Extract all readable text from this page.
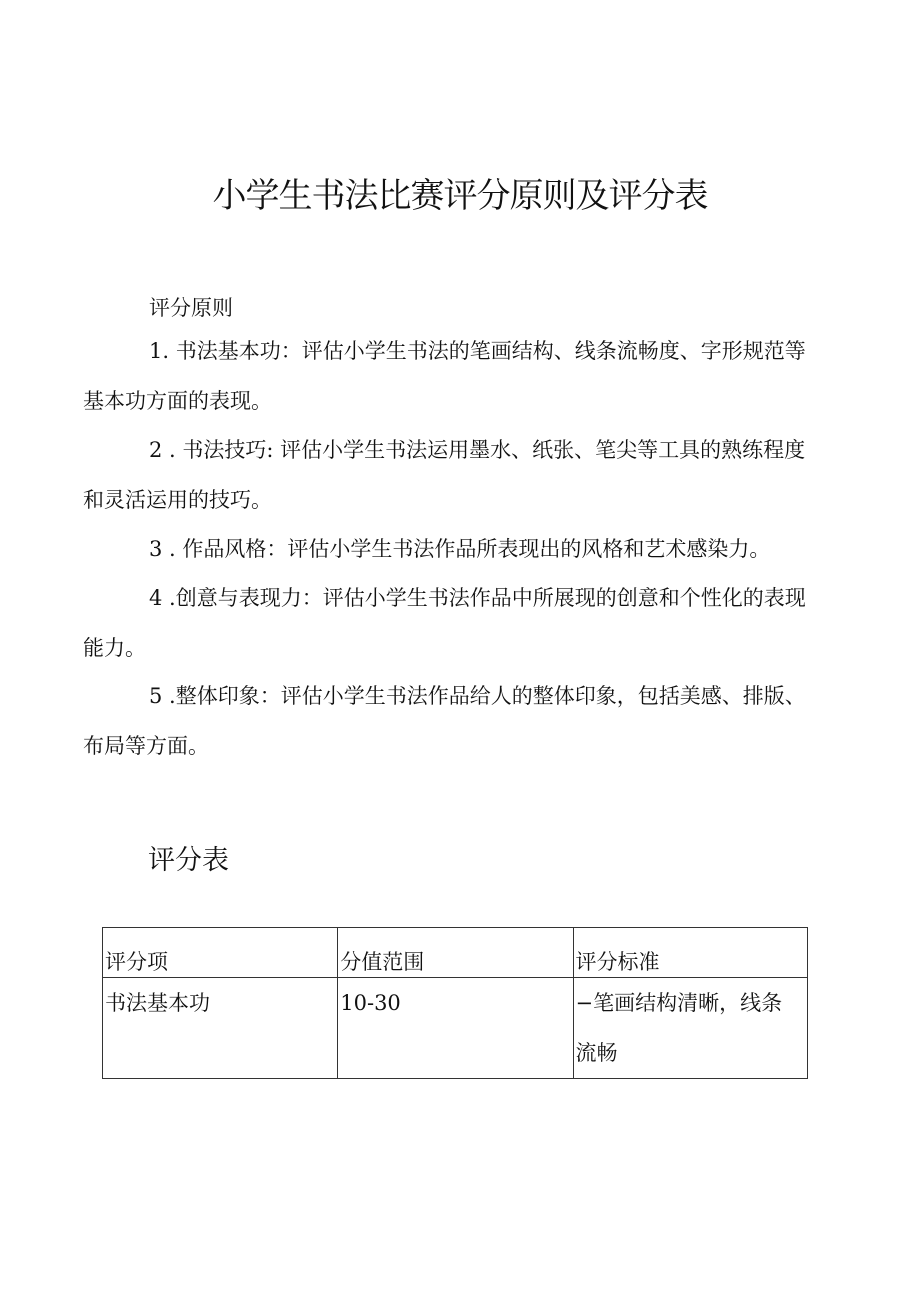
小学生书法比赛评分原则及评分表
评分原则

1. 书法基本功：评估小学生书法的笔画结构、线条流畅度、字形规范等基本功方面的表现。

2 . 书法技巧: 评估小学生书法运用墨水、纸张、笔尖等工具的熟练程度和灵活运用的技巧。

3 . 作品风格：评估小学生书法作品所表现出的风格和艺术感染力。

4 .创意与表现力：评估小学生书法作品中所展现的创意和个性化的表现能力。

5 .整体印象：评估小学生书法作品给人的整体印象，包括美感、排版、布局等方面。

评分表
评分项	分值范围	评分标准

书法基本功	10-30	−笔画结构清晰，线条流畅
